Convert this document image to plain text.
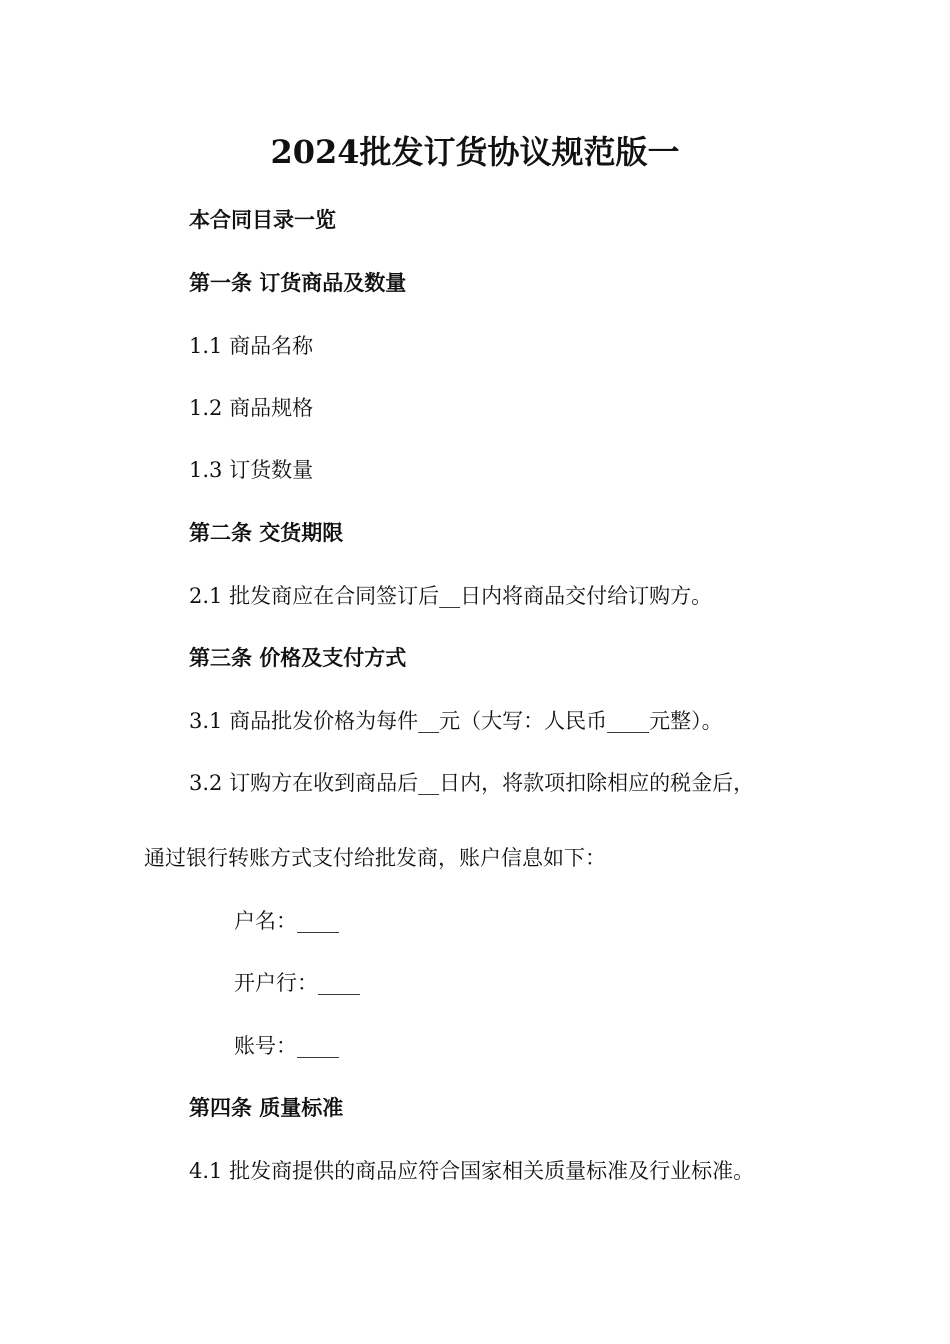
2024批发订货协议规范版一

本合同目录一览

第一条 订货商品及数量

1.1 商品名称

1.2 商品规格

1.3 订货数量

第二条 交货期限

2.1 批发商应在合同签订后__日内将商品交付给订购方。

第三条 价格及支付方式

3.1 商品批发价格为每件__元（大写：人民币____元整）。

3.2 订购方在收到商品后__日内，将款项扣除相应的税金后，

通过银行转账方式支付给批发商，账户信息如下：

户名：____

开户行：____

账号：____

第四条 质量标准

4.1 批发商提供的商品应符合国家相关质量标准及行业标准。
